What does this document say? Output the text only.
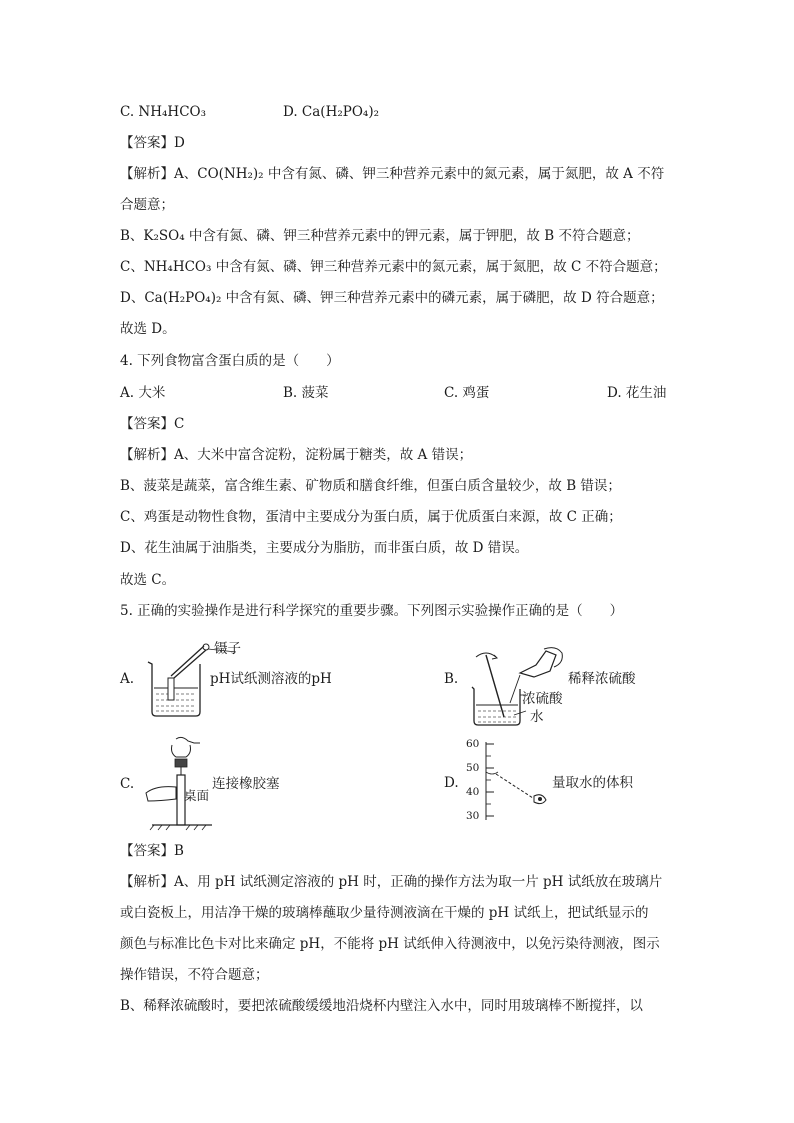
C. NH₄HCO₃	D. Ca(H₂PO₄)₂
【答案】D
【解析】A、CO(NH₂)₂ 中含有氮、磷、钾三种营养元素中的氮元素，属于氮肥，故 A 不符
合题意；
B、K₂SO₄ 中含有氮、磷、钾三种营养元素中的钾元素，属于钾肥，故 B 不符合题意；
C、NH₄HCO₃ 中含有氮、磷、钾三种营养元素中的氮元素，属于氮肥，故 C 不符合题意；
D、Ca(H₂PO₄)₂ 中含有氮、磷、钾三种营养元素中的磷元素，属于磷肥，故 D 符合题意；
故选 D。
4. 下列食物富含蛋白质的是（　　）
A. 大米	B. 菠菜	C. 鸡蛋	D. 花生油
【答案】C
【解析】A、大米中富含淀粉，淀粉属于糖类，故 A 错误；
B、菠菜是蔬菜，富含维生素、矿物质和膳食纤维，但蛋白质含量较少，故 B 错误；
C、鸡蛋是动物性食物，蛋清中主要成分为蛋白质，属于优质蛋白来源，故 C 正确；
D、花生油属于油脂类，主要成分为脂肪，而非蛋白质，故 D 错误。
故选 C。
5. 正确的实验操作是进行科学探究的重要步骤。下列图示实验操作正确的是（　　）
A.
镊子
pH试纸测溶液的pH	B.	稀释浓硫酸
浓硫酸
水
C.
桌面
连接橡胶塞	D.
60
50
40
30
量取水的体积
【答案】B
【解析】A、用 pH 试纸测定溶液的 pH 时，正确的操作方法为取一片 pH 试纸放在玻璃片
或白瓷板上，用洁净干燥的玻璃棒蘸取少量待测液滴在干燥的 pH 试纸上，把试纸显示的
颜色与标准比色卡对比来确定 pH，不能将 pH 试纸伸入待测液中，以免污染待测液，图示
操作错误，不符合题意；
B、稀释浓硫酸时，要把浓硫酸缓缓地沿烧杯内壁注入水中，同时用玻璃棒不断搅拌，以
